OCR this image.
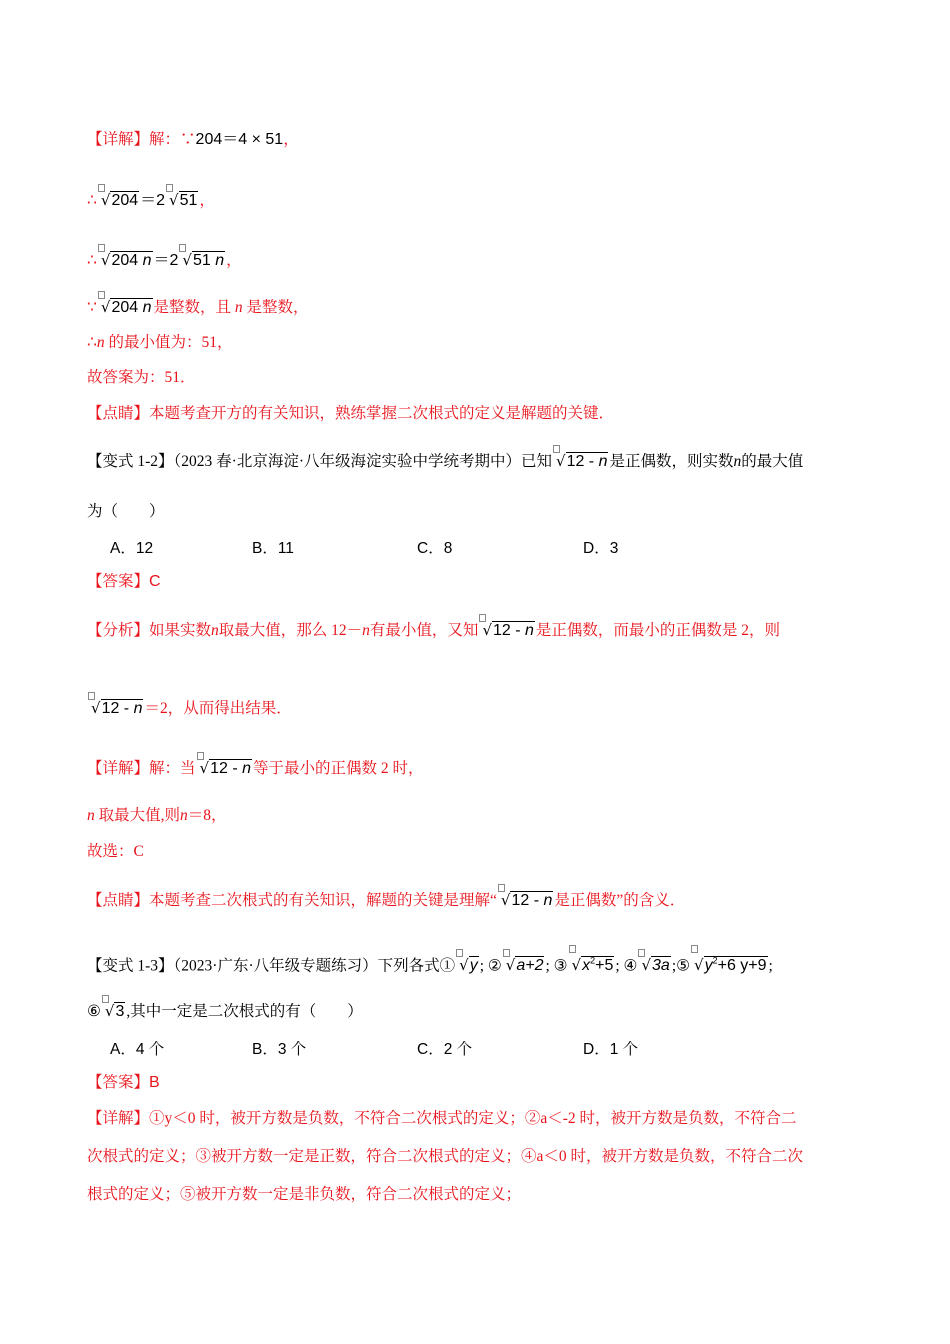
【详解】解：∵204＝4 × 51，
∴ √204 ＝2 √51 ，
∴ √204 n ＝2 √51 n ，
∵ √204 n 是整数，且 n 是整数，
∴n 的最小值为：51，
故答案为：51．
【点睛】本题考查开方的有关知识，熟练掌握二次根式的定义是解题的关键．
【变式 1-2】（2023 春·北京海淀·八年级海淀实验中学统考期中）已知 √12 - n 是正偶数，则实数n的最大值
为（　　）
A．12	B．11	C．8	D．3
【答案】C
【分析】如果实数n取最大值，那么 12－n有最小值，又知 √12 - n 是正偶数，而最小的正偶数是 2，则
√12 - n ＝2，从而得出结果．
【详解】解：当 √12 - n 等于最小的正偶数 2 时，
n 取最大值,则n＝8，
故选：C
【点睛】本题考查二次根式的有关知识，解题的关键是理解“ √12 - n 是正偶数”的含义．
【变式 1-3】（2023·广东·八年级专题练习）下列各式① √y ; ② √a+2 ; ③ $√x^2+5$ ; ④ √3a ;⑤ $√y^2+6$ y+9 ;
⑥ √3 ,其中一定是二次根式的有（　　）
A．4 个	B．3 个	C．2 个	D．1 个
【答案】B
【详解】①y＜0 时，被开方数是负数，不符合二次根式的定义；②a＜-2 时，被开方数是负数，不符合二
次根式的定义；③被开方数一定是正数，符合二次根式的定义；④a＜0 时，被开方数是负数，不符合二次
根式的定义；⑤被开方数一定是非负数，符合二次根式的定义；
